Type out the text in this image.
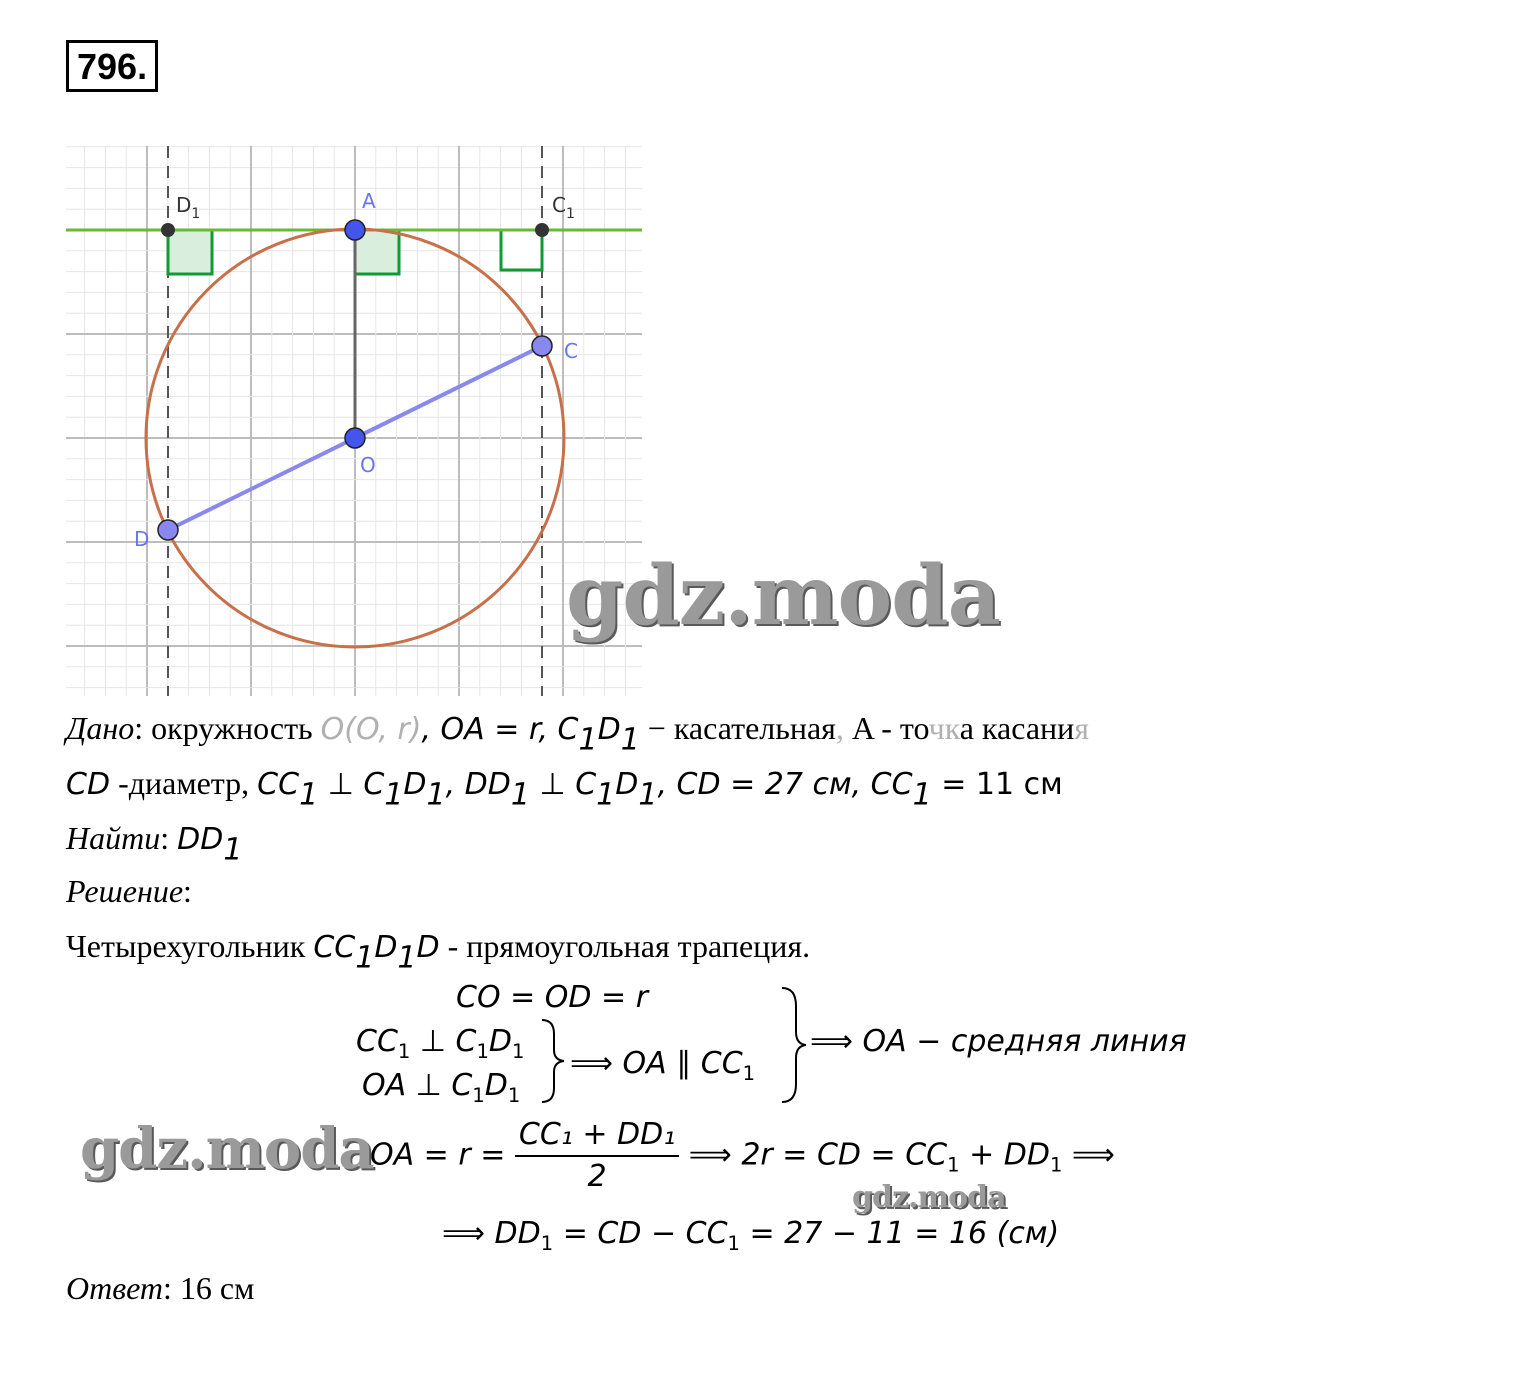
796.
$D_1$
A	$C_1$
C
O
D
Дано: окружность O(O, r), OA = r, $C_1D_1$ − касательная, A - точка касания
CD -диаметр, $CC_1$ ⊥ $C_1D_1$, $DD_1$ ⊥ $C_1D_1$, CD = 27 см, $CC_1 = 11$ см
Найти: $DD_1$
Решение:
Четырехугольник $CC_1D_1D$ - прямоугольная трапеция.
CO = OD = r
$CC_1$ ⊥ $C_1D_1$
OA ⊥ $C_1D_1$
⟹ OA ∥ $CC_1$
⟹ OA − средняя линия
OA = $r = \frac{\text{CC₁ + DD₁}}{2}$ ⟹ 2r = CD = $CC_1 + DD_1$ ⟹
⟹ $DD_1$ = CD − $CC_1 = 27 - 11 = 16$ (см)
Ответ: 16 см
gdz.moda
gdz.moda
gdz.moda
